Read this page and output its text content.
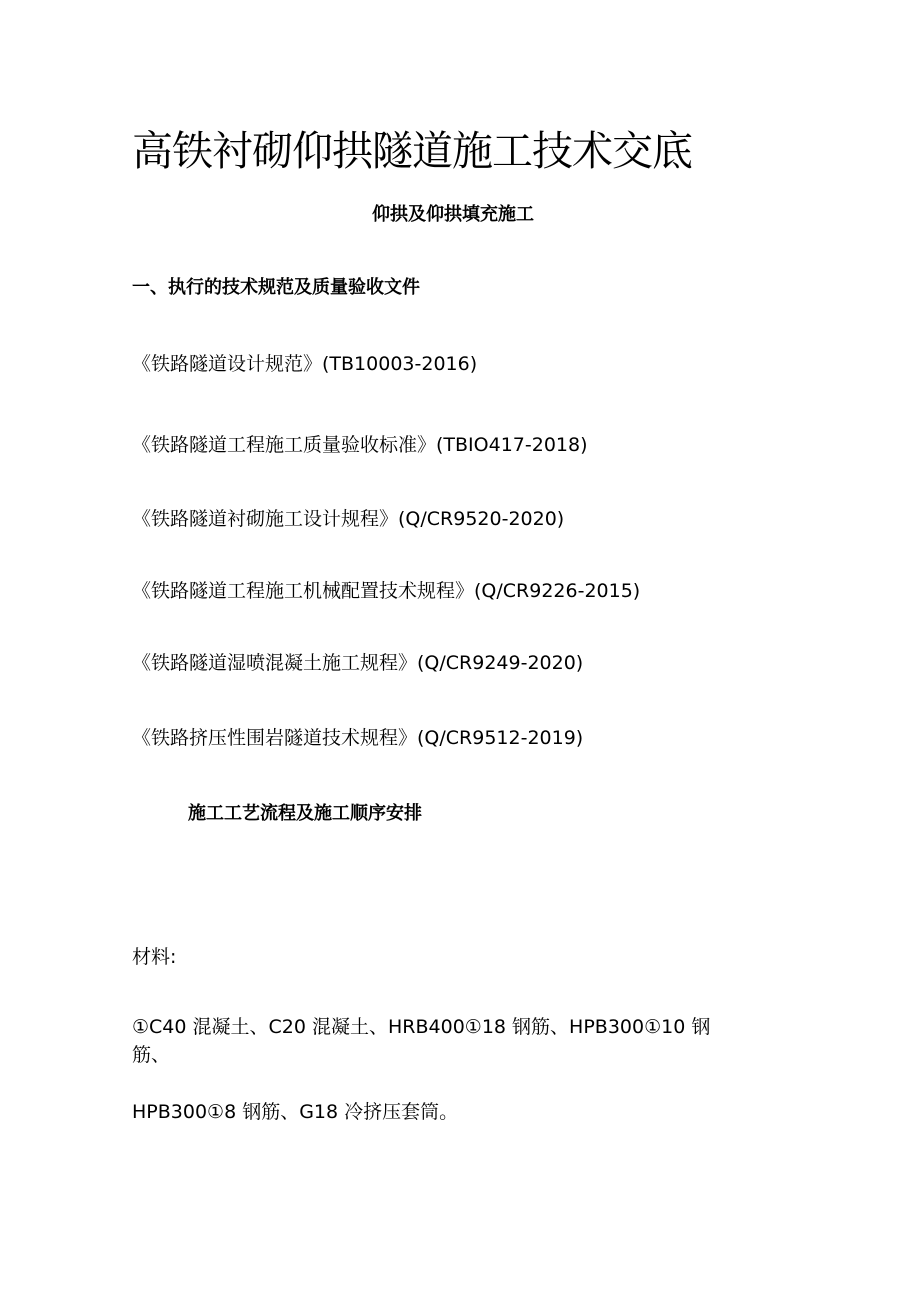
高铁衬砌仰拱隧道施工技术交底
仰拱及仰拱填充施工
一、执行的技术规范及质量验收文件
《铁路隧道设计规范》(TB10003-2016)
《铁路隧道工程施工质量验收标准》(TBIO417-2018)
《铁路隧道衬砌施工设计规程》(Q/CR9520-2020)
《铁路隧道工程施工机械配置技术规程》(Q/CR9226-2015)
《铁路隧道湿喷混凝土施工规程》(Q/CR9249-2020)
《铁路挤压性围岩隧道技术规程》(Q/CR9512-2019)
施工工艺流程及施工顺序安排
材料:
①C40 混凝土、C20 混凝土、HRB400①18 钢筋、HPB300①10 钢
筋、
HPB300①8 钢筋、G18 冷挤压套筒。
